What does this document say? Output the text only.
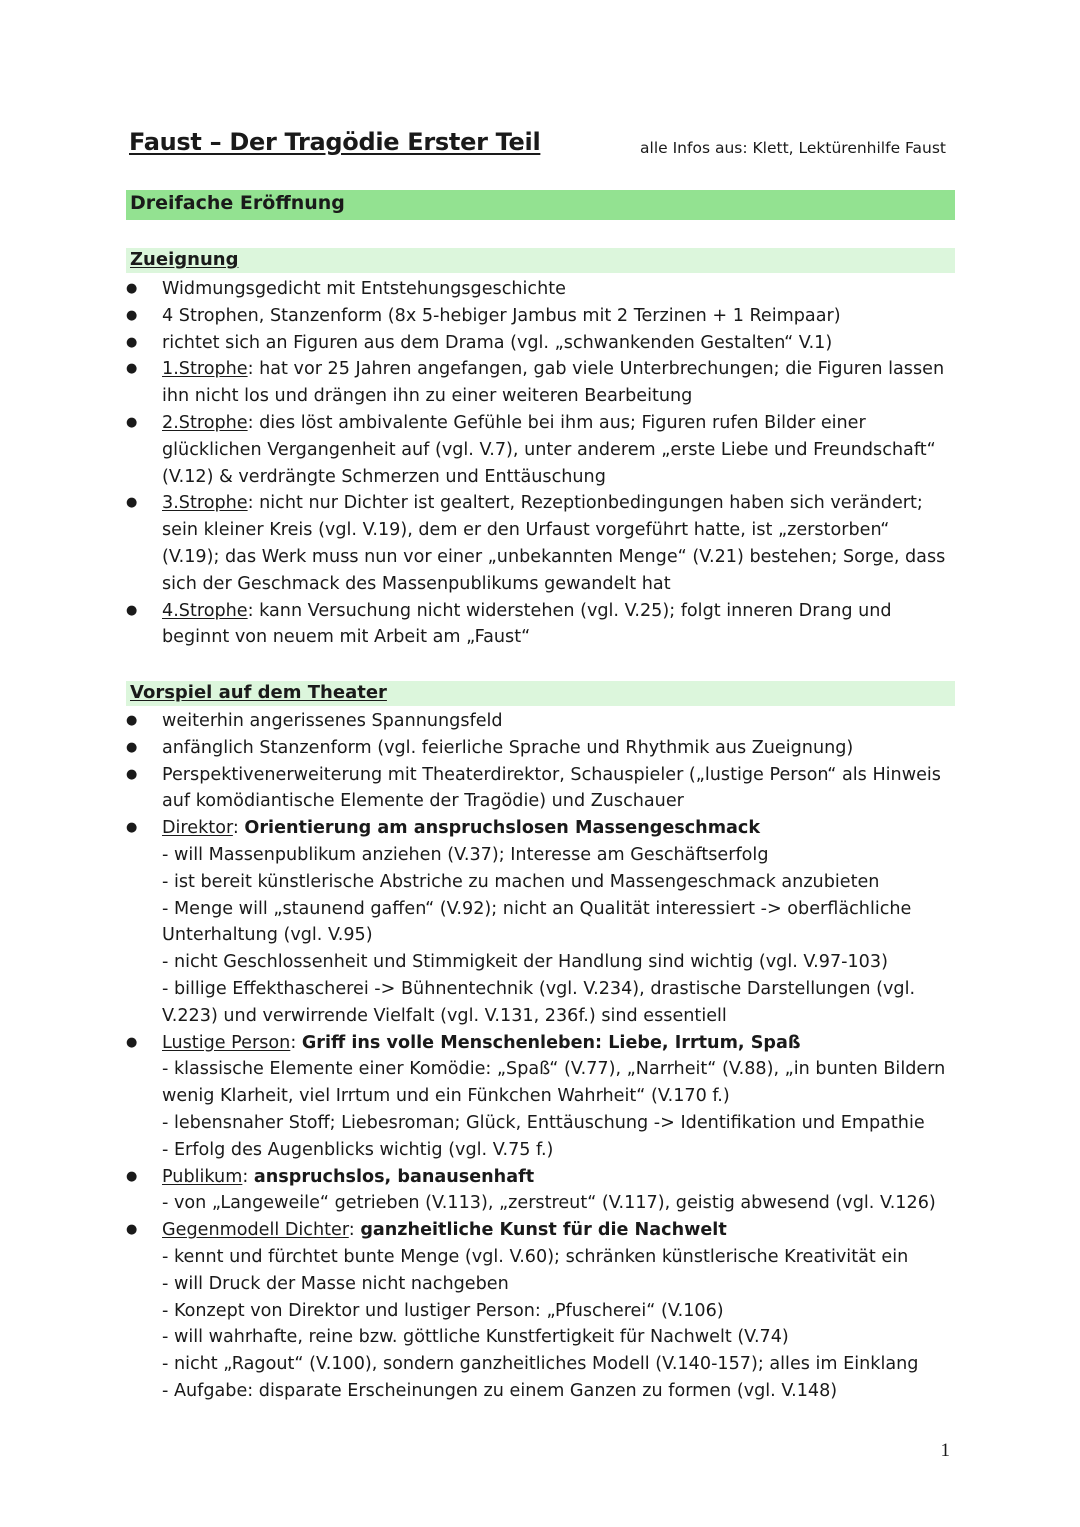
Faust – Der Tragödie Erster Teil	alle Infos aus: Klett, Lektürenhilfe Faust
Dreifache Eröffnung
Zueignung
● Widmungsgedicht mit Entstehungsgeschichte
● 4 Strophen, Stanzenform (8x 5-hebiger Jambus mit 2 Terzinen + 1 Reimpaar)
● richtet sich an Figuren aus dem Drama (vgl. „schwankenden Gestalten“ V.1)
● 1.Strophe: hat vor 25 Jahren angefangen, gab viele Unterbrechungen; die Figuren lassen ihn nicht los und drängen ihn zu einer weiteren Bearbeitung
● 2.Strophe: dies löst ambivalente Gefühle bei ihm aus; Figuren rufen Bilder einer glücklichen Vergangenheit auf (vgl. V.7), unter anderem „erste Liebe und Freundschaft“ (V.12) & verdrängte Schmerzen und Enttäuschung
● 3.Strophe: nicht nur Dichter ist gealtert, Rezeptionbedingungen haben sich verändert; sein kleiner Kreis (vgl. V.19), dem er den Urfaust vorgeführt hatte, ist „zerstorben“ (V.19); das Werk muss nun vor einer „unbekannten Menge“ (V.21) bestehen; Sorge, dass sich der Geschmack des Massenpublikums gewandelt hat
● 4.Strophe: kann Versuchung nicht widerstehen (vgl. V.25); folgt inneren Drang und beginnt von neuem mit Arbeit am „Faust“
Vorspiel auf dem Theater
● weiterhin angerissenes Spannungsfeld
● anfänglich Stanzenform (vgl. feierliche Sprache und Rhythmik aus Zueignung)
● Perspektivenerweiterung mit Theaterdirektor, Schauspieler („lustige Person“ als Hinweis auf komödiantische Elemente der Tragödie) und Zuschauer
● Direktor: Orientierung am anspruchslosen Massengeschmack
- will Massenpublikum anziehen (V.37); Interesse am Geschäftserfolg
- ist bereit künstlerische Abstriche zu machen und Massengeschmack anzubieten
- Menge will „staunend gaffen“ (V.92); nicht an Qualität interessiert -> oberflächliche Unterhaltung (vgl. V.95)
- nicht Geschlossenheit und Stimmigkeit der Handlung sind wichtig (vgl. V.97-103)
- billige Effekthascherei -> Bühnentechnik (vgl. V.234), drastische Darstellungen (vgl. V.223) und verwirrende Vielfalt (vgl. V.131, 236f.) sind essentiell
● Lustige Person: Griff ins volle Menschenleben: Liebe, Irrtum, Spaß
- klassische Elemente einer Komödie: „Spaß“ (V.77), „Narrheit“ (V.88), „in bunten Bildern wenig Klarheit, viel Irrtum und ein Fünkchen Wahrheit“ (V.170 f.)
- lebensnaher Stoff; Liebesroman; Glück, Enttäuschung -> Identifikation und Empathie
- Erfolg des Augenblicks wichtig (vgl. V.75 f.)
● Publikum: anspruchslos, banausenhaft
- von „Langeweile“ getrieben (V.113), „zerstreut“ (V.117), geistig abwesend (vgl. V.126)
● Gegenmodell Dichter: ganzheitliche Kunst für die Nachwelt
- kennt und fürchtet bunte Menge (vgl. V.60); schränken künstlerische Kreativität ein
- will Druck der Masse nicht nachgeben
- Konzept von Direktor und lustiger Person: „Pfuscherei“ (V.106)
- will wahrhafte, reine bzw. göttliche Kunstfertigkeit für Nachwelt (V.74)
- nicht „Ragout“ (V.100), sondern ganzheitliches Modell (V.140-157); alles im Einklang
- Aufgabe: disparate Erscheinungen zu einem Ganzen zu formen (vgl. V.148)
1
